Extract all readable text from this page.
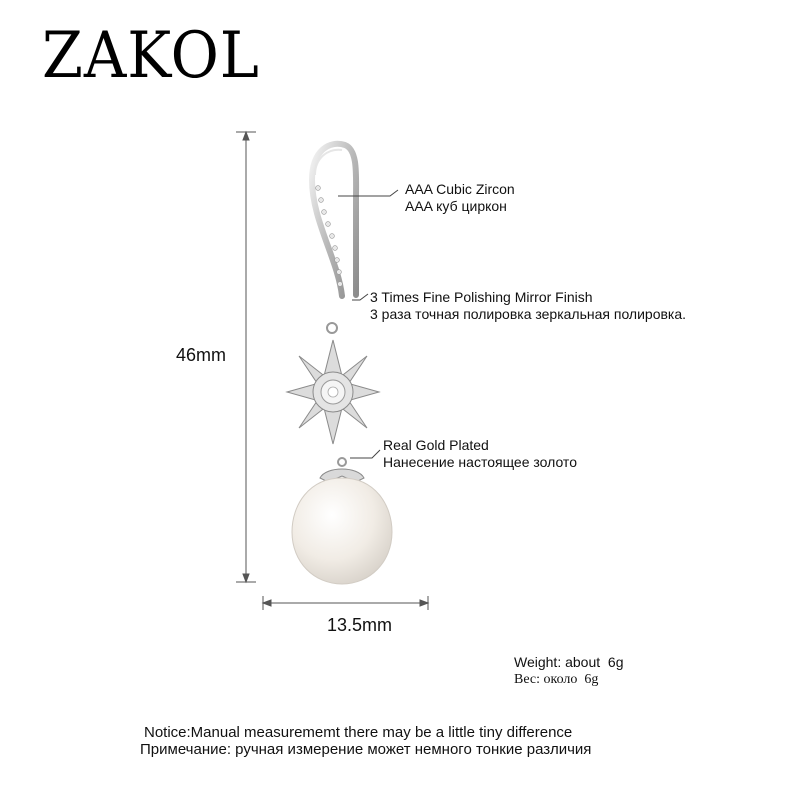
ZAKOL
46mm
13.5mm
AAA Cubic Zircon
AAA куб циркон
3 Times Fine Polishing Mirror Finish
3 раза точная полировка зеркальная полировка.
Real Gold Plated
Нанесение настоящее золото
Weight: about  6g
Вес: около  6g
Notice:Manual measurememt there may be a little tiny difference
Примечание: ручная измерение может немного тонкие различия
